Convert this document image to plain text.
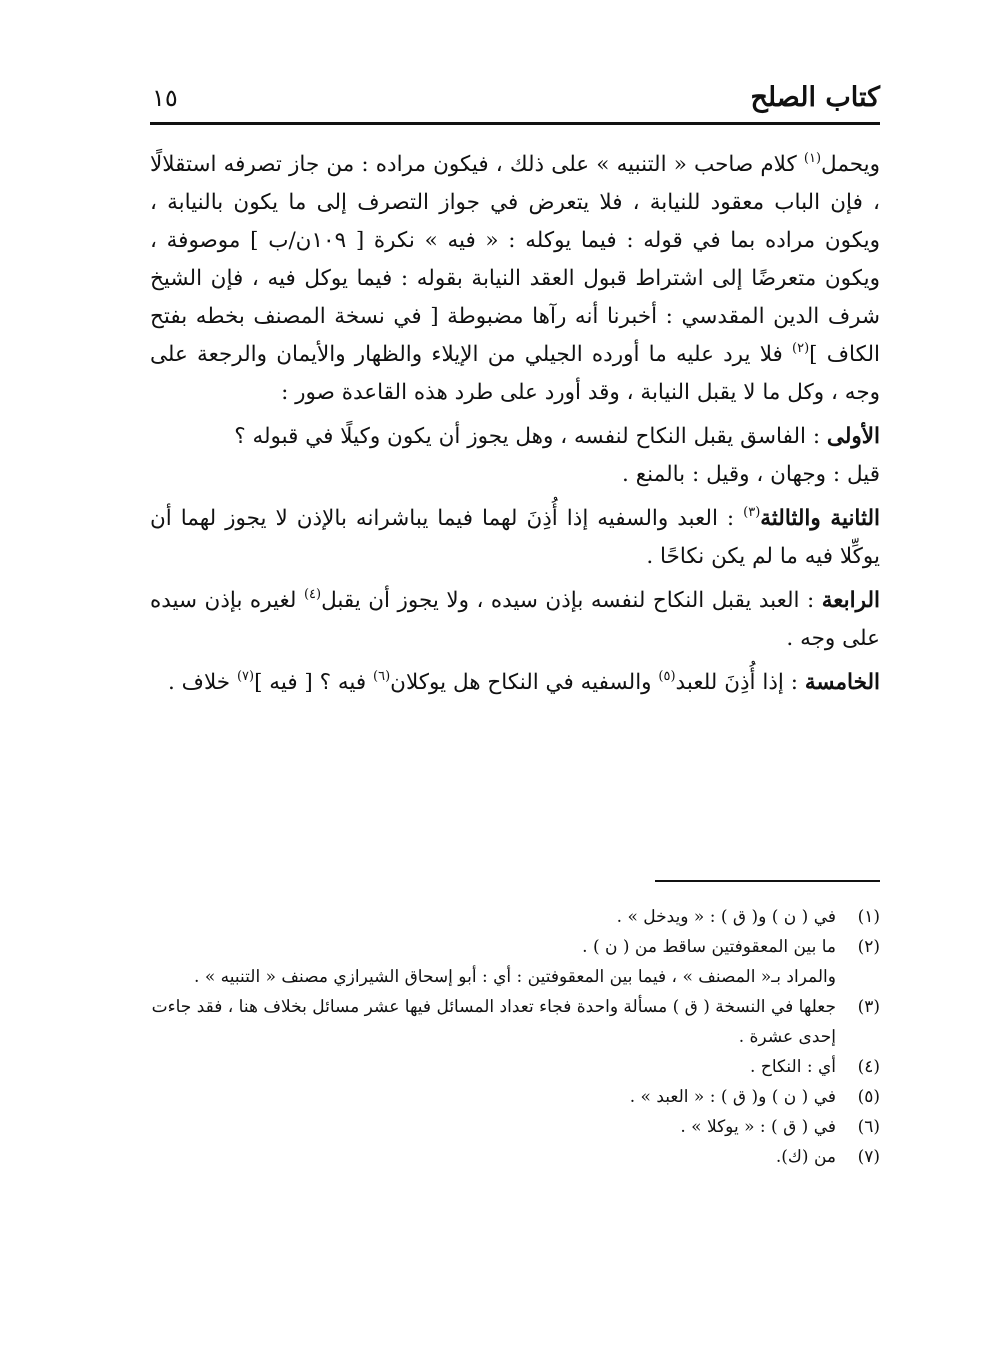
كتاب الصلح
١٥

ويحمل$^{(١)}$ كلام صاحب « التنبيه » على ذلك ، فيكون مراده : من جاز تصرفه استقلالًا ، فإن الباب معقود للنيابة ، فلا يتعرض في جواز التصرف إلى ما يكون بالنيابة ، ويكون مراده بما في قوله : فيما يوكله : « فيه » نكرة [ ١٠٩ن/ب ] موصوفة ، ويكون متعرضًا إلى اشتراط قبول العقد النيابة بقوله : فيما يوكل فيه ، فإن الشيخ شرف الدين المقدسي : أخبرنا أنه رآها مضبوطة [ في نسخة المصنف بخطه بفتح الكاف ]$^{(٢)}$ فلا يرد عليه ما أورده الجيلي من الإيلاء والظهار والأيمان والرجعة على وجه ، وكل ما لا يقبل النيابة ، وقد أورد على طرد هذه القاعدة صور :

الأولى : الفاسق يقبل النكاح لنفسه ، وهل يجوز أن يكون وكيلًا في قبوله ؟

قيل : وجهان ، وقيل : بالمنع .

الثانية والثالثة$^{(٣)}$ : العبد والسفيه إذا أُذِنَ لهما فيما يباشرانه بالإذن لا يجوز لهما أن يوكِّلا فيه ما لم يكن نكاحًا .

الرابعة : العبد يقبل النكاح لنفسه بإذن سيده ، ولا يجوز أن يقبل$^{(٤)}$ لغيره بإذن سيده على وجه .

الخامسة : إذا أُذِنَ للعبد$^{(٥)}$ والسفيه في النكاح هل يوكلان$^{(٦)}$ فيه ؟ [ فيه ]$^{(٧)}$ خلاف .

(١)
في ( ن ) و( ق ) : « ويدخل » .
(٢)
ما بين المعقوفتين ساقط من ( ن ) .
والمراد بـ« المصنف » ، فيما بين المعقوفتين : أي : أبو إسحاق الشيرازي مصنف « التنبيه » .
(٣)
جعلها في النسخة ( ق ) مسألة واحدة فجاء تعداد المسائل فيها عشر مسائل بخلاف هنا ، فقد جاءت إحدى عشرة .
(٤)
أي : النكاح .
(٥)
في ( ن ) و( ق ) : « العبد » .
(٦)
في ( ق ) : « يوكلا » .
(٧)
من (ك).
